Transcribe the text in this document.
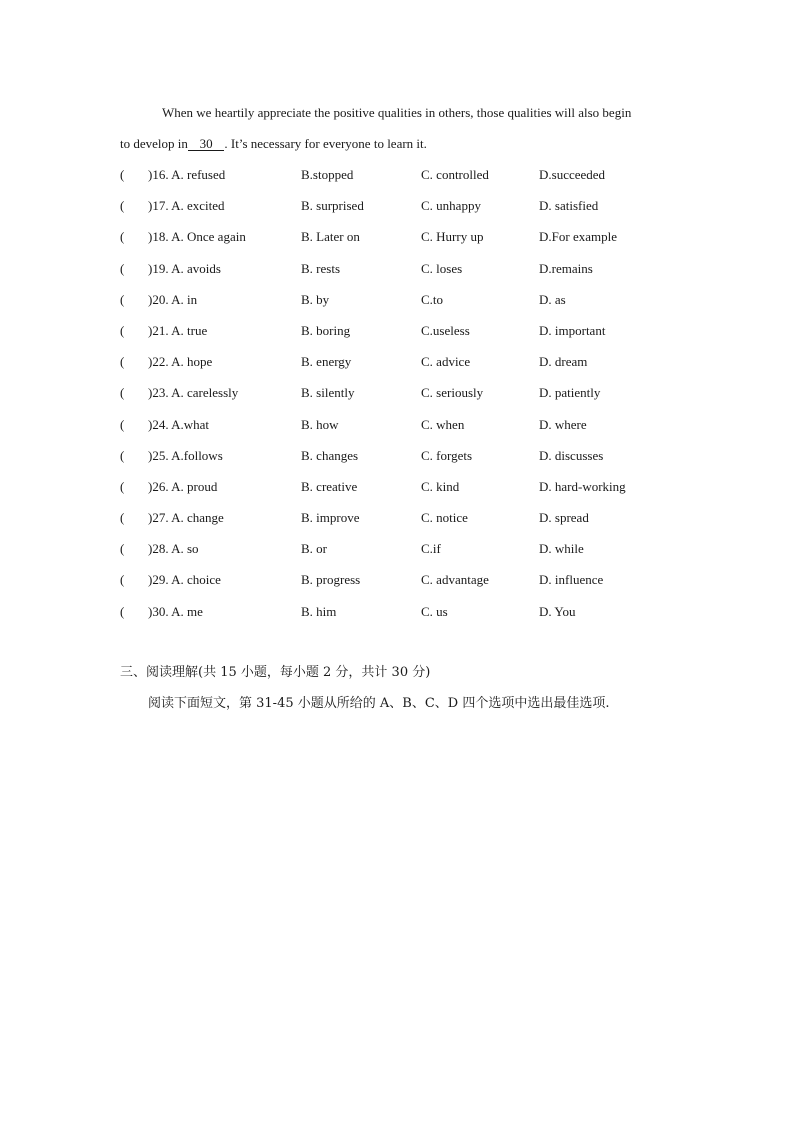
When we heartily appreciate the positive qualities in others, those qualities will also begin
to develop in 30 . It’s necessary for everyone to learn it.
( )16. A. refused	B.stopped	C. controlled	D.succeeded
( )17. A. excited	B. surprised	C. unhappy	D. satisfied
( )18. A. Once again	B. Later on	C. Hurry up	D.For example
( )19. A. avoids	B. rests	C. loses	D.remains
( )20. A. in	B. by	C.to	D. as
( )21. A. true	B. boring	C.useless	D. important
( )22. A. hope	B. energy	C. advice	D. dream
( )23. A. carelessly	B. silently	C. seriously	D. patiently
( )24. A.what	B. how	C. when	D. where
( )25. A.follows	B. changes	C. forgets	D. discusses
( )26. A. proud	B. creative	C. kind	D. hard-working
( )27. A. change	B. improve	C. notice	D. spread
( )28. A. so	B. or	C.if	D. while
( )29. A. choice	B. progress	C. advantage	D. influence
( )30. A. me	B. him	C. us	D. You
三、阅读理解(共 15 小题，每小题 2 分，共计 30 分)
阅读下面短文，第 31-45 小题从所给的 A、B、C、D 四个选项中选出最佳选项.
